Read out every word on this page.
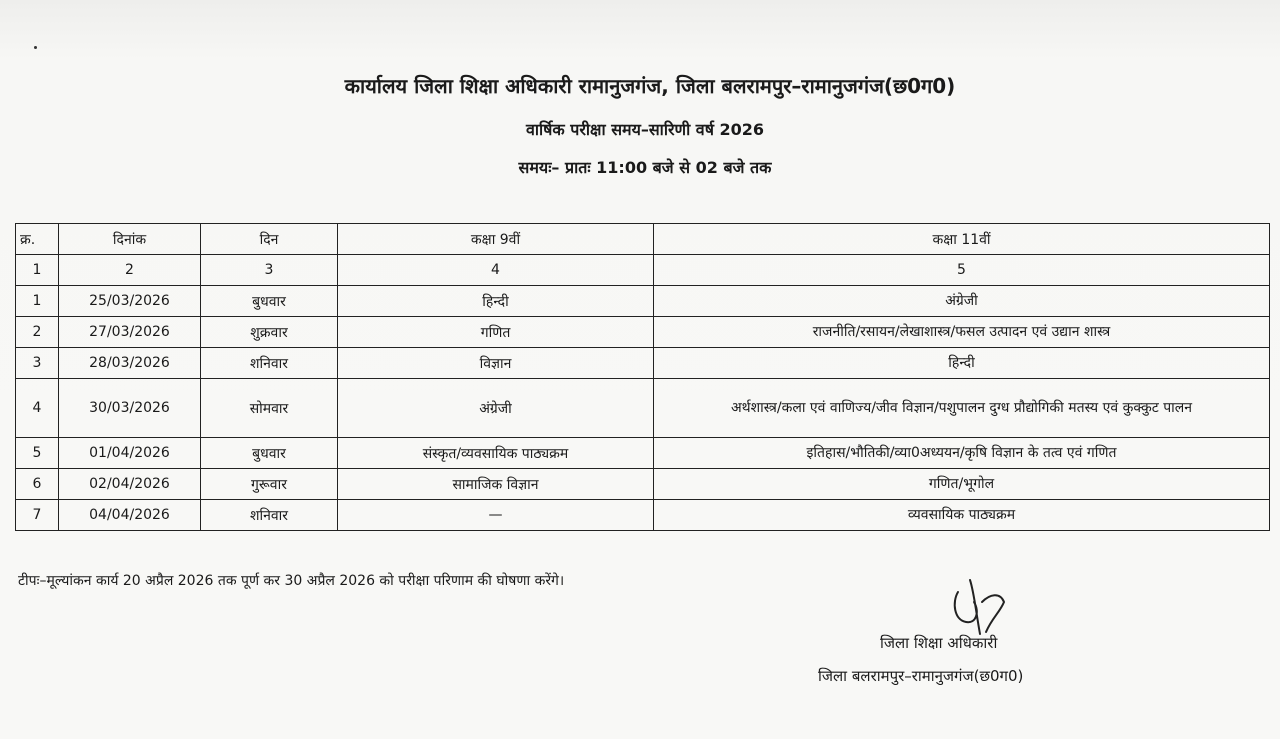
कार्यालय जिला शिक्षा अधिकारी रामानुजगंज, जिला बलरामपुर–रामानुजगंज(छ0ग0)
वार्षिक परीक्षा समय–सारिणी वर्ष 2026
समयः– प्रातः 11:00 बजे से 02 बजे तक
क्र.	दिनांक	दिन	कक्षा 9वीं	कक्षा 11वीं
1	2	3	4	5
1	25/03/2026	बुधवार	हिन्दी	अंग्रेजी
2	27/03/2026	शुक्रवार	गणित	राजनीति/रसायन/लेखाशास्त्र/फसल उत्पादन एवं उद्यान शास्त्र
3	28/03/2026	शनिवार	विज्ञान	हिन्दी
4	30/03/2026	सोमवार	अंग्रेजी	अर्थशास्त्र/कला एवं वाणिज्य/जीव विज्ञान/पशुपालन दुग्ध प्रौद्योगिकी मतस्य एवं कुक्कुट पालन
5	01/04/2026	बुधवार	संस्कृत/व्यवसायिक पाठ्यक्रम	इतिहास/भौतिकी/व्या0अध्ययन/कृषि विज्ञान के तत्व एवं गणित
6	02/04/2026	गुरूवार	सामाजिक विज्ञान	गणित/भूगोल
7	04/04/2026	शनिवार	—	व्यवसायिक पाठ्यक्रम
टीपः–मूल्यांकन कार्य 20 अप्रैल 2026 तक पूर्ण कर 30 अप्रैल 2026 को परीक्षा परिणाम की घोषणा करेंगे।
जिला शिक्षा अधिकारी
जिला बलरामपुर–रामानुजगंज(छ0ग0)
